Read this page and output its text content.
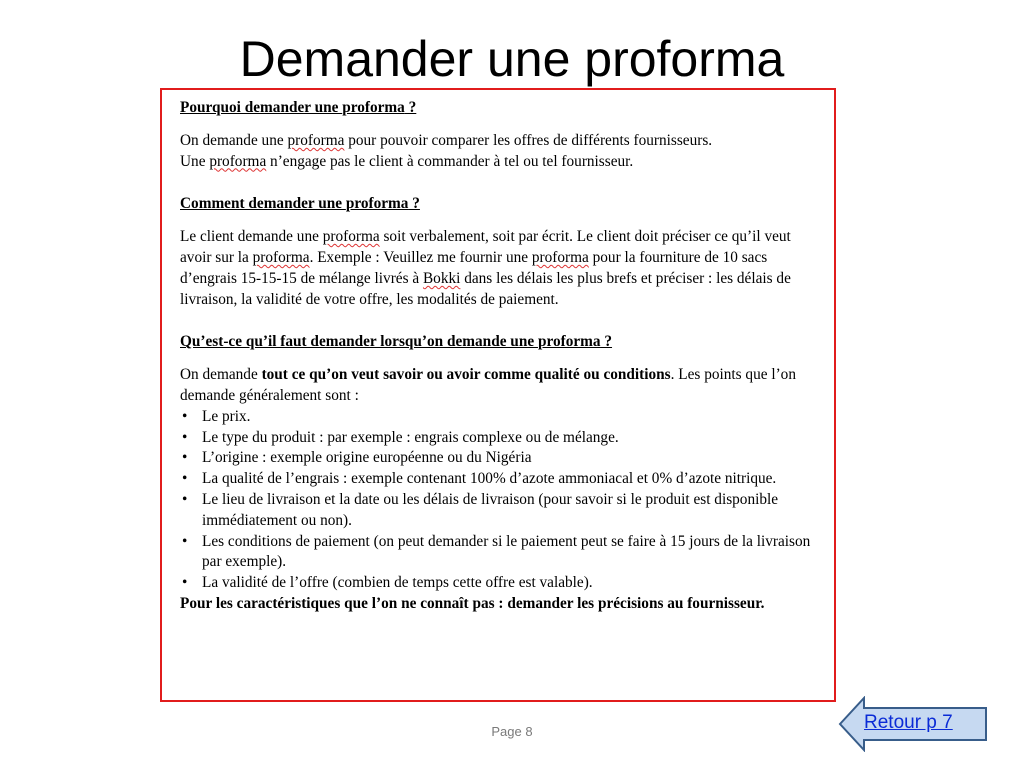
Demander une proforma

Pourquoi demander une proforma ?

On demande une proforma pour pouvoir comparer les offres de différents fournisseurs.
Une proforma n’engage pas le client à commander à tel ou tel fournisseur.

Comment demander une proforma ?

Le client demande une proforma soit verbalement, soit par écrit. Le client doit préciser ce qu’il veut avoir sur la proforma. Exemple : Veuillez me fournir une proforma pour la fourniture de 10 sacs d’engrais 15-15-15 de mélange livrés à Bokki dans les délais les plus brefs et préciser : les délais de livraison, la validité de votre offre, les modalités de paiement.

Qu’est-ce qu’il faut demander lorsqu’on demande une proforma ?

On demande tout ce qu’on veut savoir ou avoir comme qualité ou conditions. Les points que l’on demande généralement sont :

• Le prix.
• Le type du produit : par exemple : engrais complexe ou de mélange.
• L’origine : exemple origine européenne ou du Nigéria
• La qualité de l’engrais : exemple contenant 100% d’azote ammoniacal et 0% d’azote nitrique.
• Le lieu de livraison et la date ou les délais de livraison (pour savoir si le produit est disponible immédiatement ou non).
• Les conditions de paiement (on peut demander si le paiement peut se faire à 15 jours de la livraison par exemple).
• La validité de l’offre (combien de temps cette offre est valable).

Pour les caractéristiques que l’on ne connaît pas : demander les précisions au fournisseur.

Page 8	Retour p 7
